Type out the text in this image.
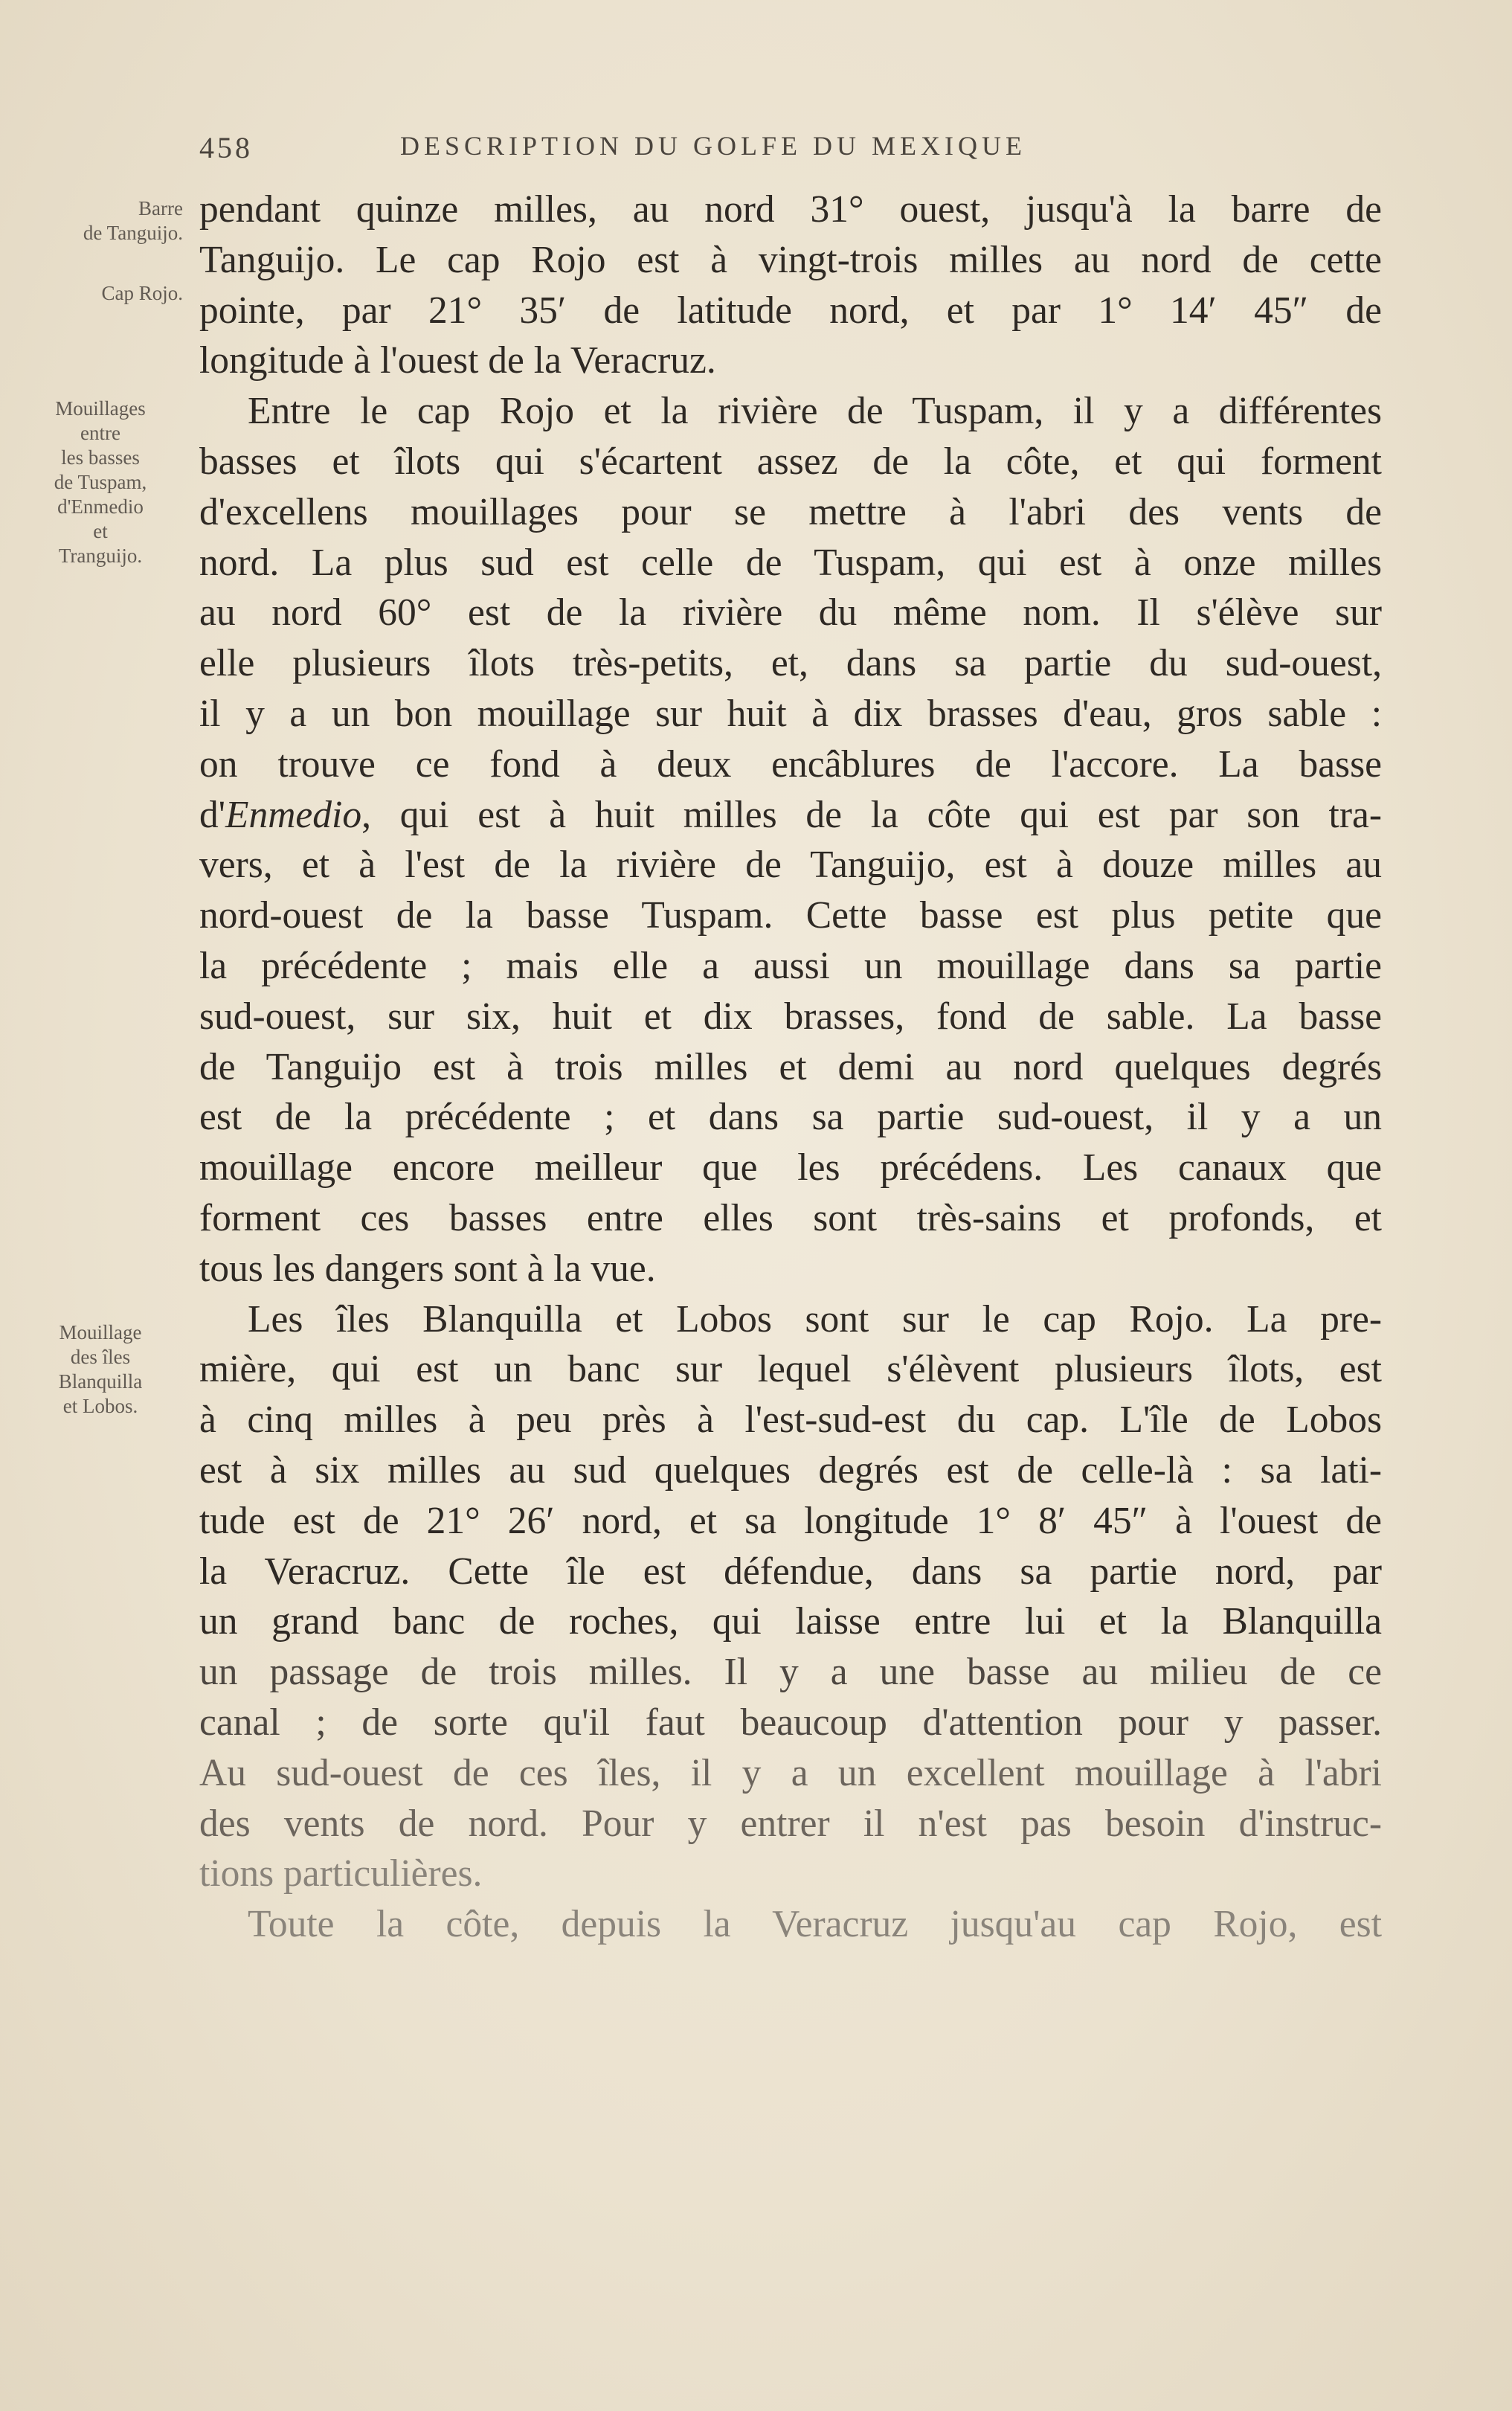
458	DESCRIPTION DU GOLFE DU MEXIQUE
Barre
de Tanguijo.
Cap Rojo.
Mouillages
entre
les basses
de Tuspam,
d'Enmedio
et
Tranguijo.
Mouillage
des îles
Blanquilla
et Lobos.
pendant quinze milles, au nord 31° ouest, jusqu'à la barre de
Tanguijo. Le cap Rojo est à vingt-trois milles au nord de cette
pointe, par 21° 35′ de latitude nord, et par 1° 14′ 45″ de
longitude à l'ouest de la Veracruz.
Entre le cap Rojo et la rivière de Tuspam, il y a différentes
basses et îlots qui s'écartent assez de la côte, et qui forment
d'excellens mouillages pour se mettre à l'abri des vents de
nord. La plus sud est celle de Tuspam, qui est à onze milles
au nord 60° est de la rivière du même nom. Il s'élève sur
elle plusieurs îlots très-petits, et, dans sa partie du sud-ouest,
il y a un bon mouillage sur huit à dix brasses d'eau, gros sable :
on trouve ce fond à deux encâblures de l'accore. La basse
d'Enmedio, qui est à huit milles de la côte qui est par son tra-
vers, et à l'est de la rivière de Tanguijo, est à douze milles au
nord-ouest de la basse Tuspam. Cette basse est plus petite que
la précédente ; mais elle a aussi un mouillage dans sa partie
sud-ouest, sur six, huit et dix brasses, fond de sable. La basse
de Tanguijo est à trois milles et demi au nord quelques degrés
est de la précédente ; et dans sa partie sud-ouest, il y a un
mouillage encore meilleur que les précédens. Les canaux que
forment ces basses entre elles sont très-sains et profonds, et
tous les dangers sont à la vue.
Les îles Blanquilla et Lobos sont sur le cap Rojo. La pre-
mière, qui est un banc sur lequel s'élèvent plusieurs îlots, est
à cinq milles à peu près à l'est-sud-est du cap. L'île de Lobos
est à six milles au sud quelques degrés est de celle-là : sa lati-
tude est de 21° 26′ nord, et sa longitude 1° 8′ 45″ à l'ouest de
la Veracruz. Cette île est défendue, dans sa partie nord, par
un grand banc de roches, qui laisse entre lui et la Blanquilla
un passage de trois milles. Il y a une basse au milieu de ce
canal ; de sorte qu'il faut beaucoup d'attention pour y passer.
Au sud-ouest de ces îles, il y a un excellent mouillage à l'abri
des vents de nord. Pour y entrer il n'est pas besoin d'instruc-
tions particulières.
Toute la côte, depuis la Veracruz jusqu'au cap Rojo, est
